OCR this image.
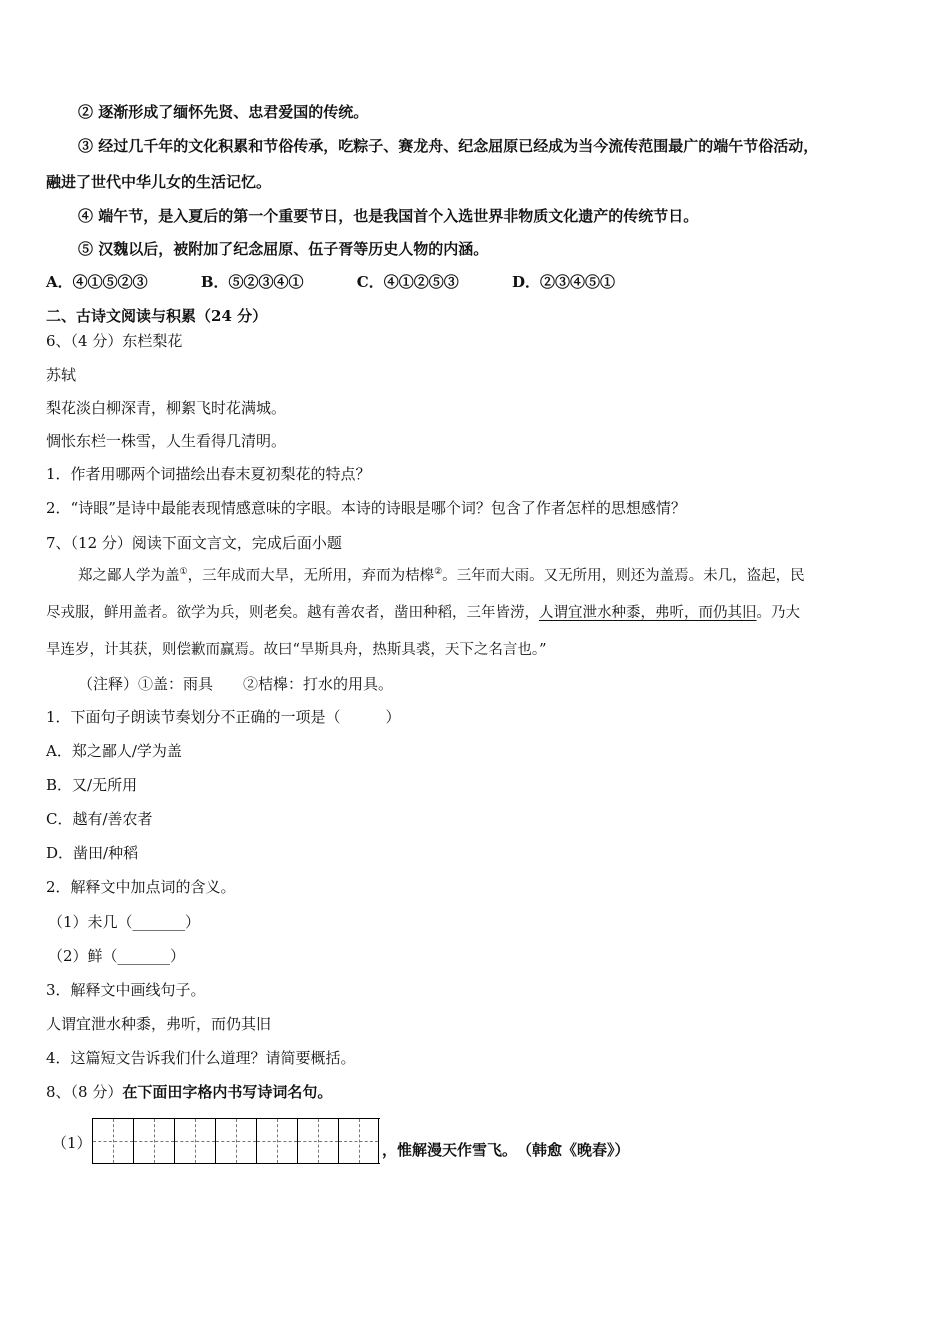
② 逐渐形成了缅怀先贤、忠君爱国的传统。
③ 经过几千年的文化积累和节俗传承，吃粽子、赛龙舟、纪念屈原已经成为当今流传范围最广的端午节俗活动，
融进了世代中华儿女的生活记忆。
④ 端午节，是入夏后的第一个重要节日，也是我国首个入选世界非物质文化遗产的传统节日。
⑤ 汉魏以后，被附加了纪念屈原、伍子胥等历史人物的内涵。
A．④①⑤②③	B．⑤②③④①	C．④①②⑤③	D．②③④⑤①
二、古诗文阅读与积累（24 分）
6、（4 分）东栏梨花
苏轼
梨花淡白柳深青，柳絮飞时花满城。
惆怅东栏一株雪，人生看得几清明。
1．作者用哪两个词描绘出春末夏初梨花的特点？
2．“诗眼”是诗中最能表现情感意味的字眼。本诗的诗眼是哪个词？包含了作者怎样的思想感情？
7、（12 分）阅读下面文言文，完成后面小题
郑之鄙人学为盖①，三年成而大旱，无所用，弃而为桔槔②。三年而大雨。又无所用，则还为盖焉。未几，盗起，民
尽戎服，鲜用盖者。欲学为兵，则老矣。越有善农者，凿田种稻，三年皆涝，人谓宜泄水种黍，弗听，而仍其旧。乃大
旱连岁，计其获，则偿歉而赢焉。故曰“旱斯具舟，热斯具裘，天下之名言也。”
（注释）①盖：雨具　　②桔槔：打水的用具。
1．下面句子朗读节奏划分不正确的一项是（　　　）
A．郑之鄙人/学为盖
B．又/无所用
C．越有/善农者
D．凿田/种稻
2．解释文中加点词的含义。
（1）未几（_______）
（2）鲜（_______）
3．解释文中画线句子。
人谓宜泄水种黍，弗听，而仍其旧
4．这篇短文告诉我们什么道理？请简要概括。
8、（8 分）在下面田字格内书写诗词名句。
（1）	，惟解漫天作雪飞。　（韩愈《晚春》）
